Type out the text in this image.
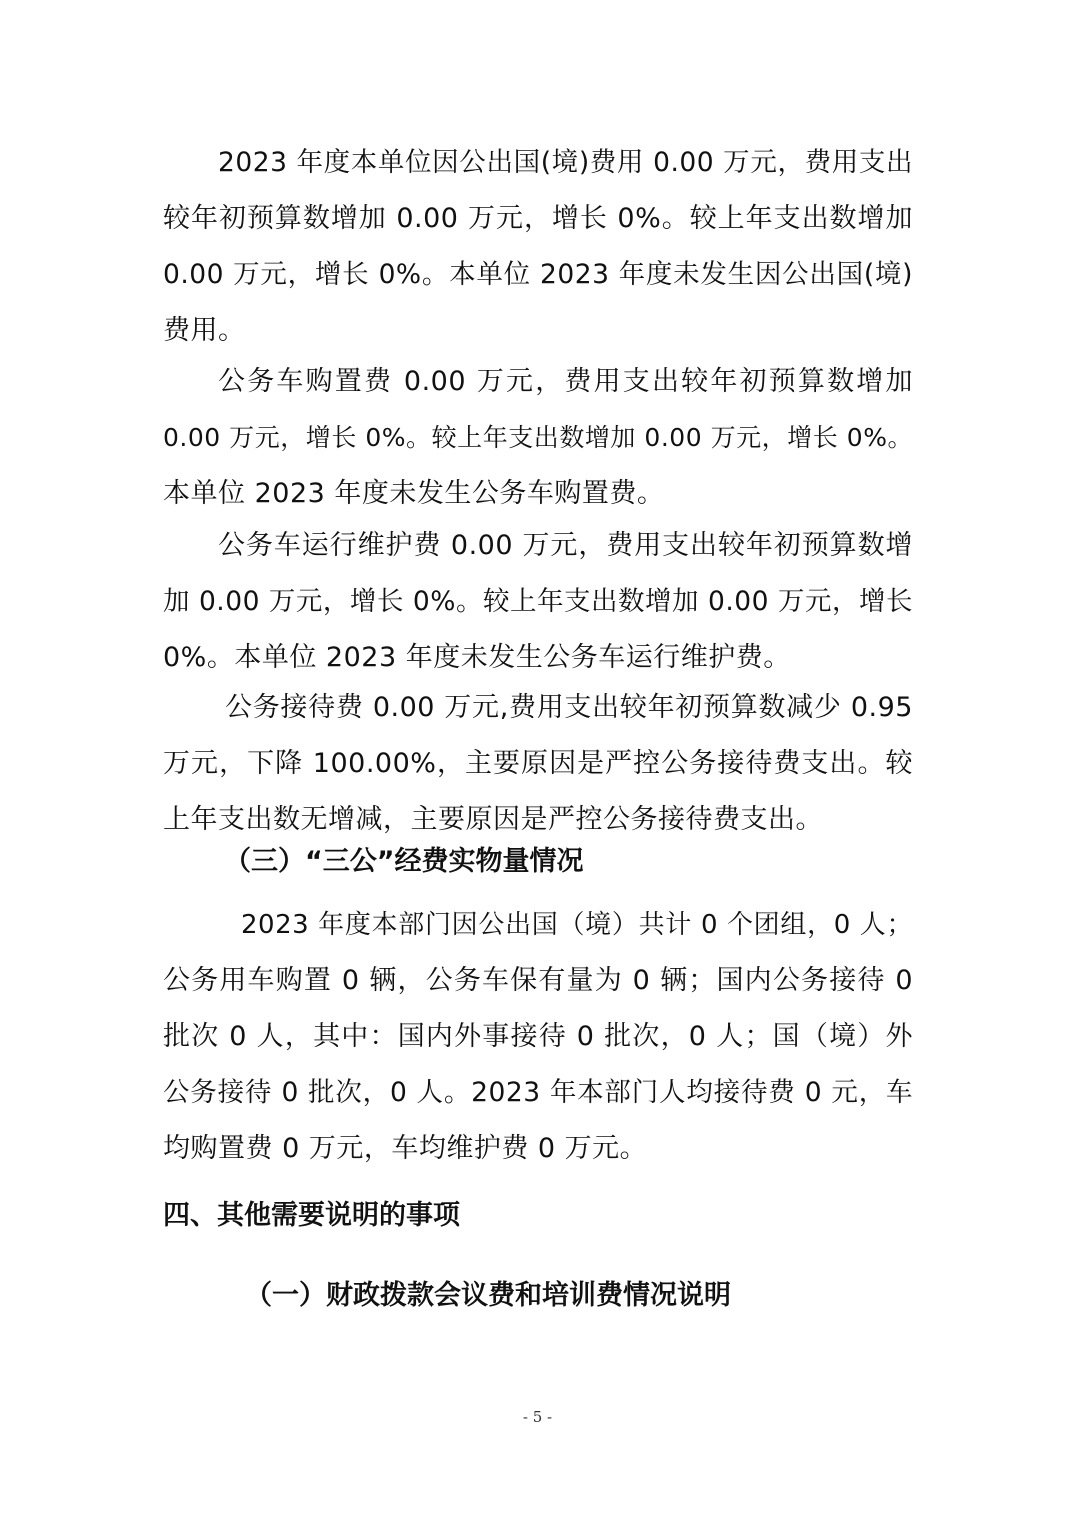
2023 年度本单位因公出国(境)费用 0.00 万元，费用支出
较年初预算数增加 0.00 万元，增长 0%。较上年支出数增加
0.00 万元，增长 0%。本单位 2023 年度未发生因公出国(境)
费用。
公务车购置费 0.00 万元，费用支出较年初预算数增加
0.00 万元，增长 0%。较上年支出数增加 0.00 万元，增长 0%。
本单位 2023 年度未发生公务车购置费。
公务车运行维护费 0.00 万元，费用支出较年初预算数增
加 0.00 万元，增长 0%。较上年支出数增加 0.00 万元，增长
0%。本单位 2023 年度未发生公务车运行维护费。
公务接待费 0.00 万元,费用支出较年初预算数减少 0.95
万元，下降 100.00%，主要原因是严控公务接待费支出。较
上年支出数无增减，主要原因是严控公务接待费支出。
（三）“三公”经费实物量情况
2023 年度本部门因公出国（境）共计 0 个团组，0 人；
公务用车购置 0 辆，公务车保有量为 0 辆；国内公务接待 0
批次 0 人，其中：国内外事接待 0 批次，0 人；国（境）外
公务接待 0 批次，0 人。2023 年本部门人均接待费 0 元，车
均购置费 0 万元，车均维护费 0 万元。
四、其他需要说明的事项
（一）财政拨款会议费和培训费情况说明
- 5 -
